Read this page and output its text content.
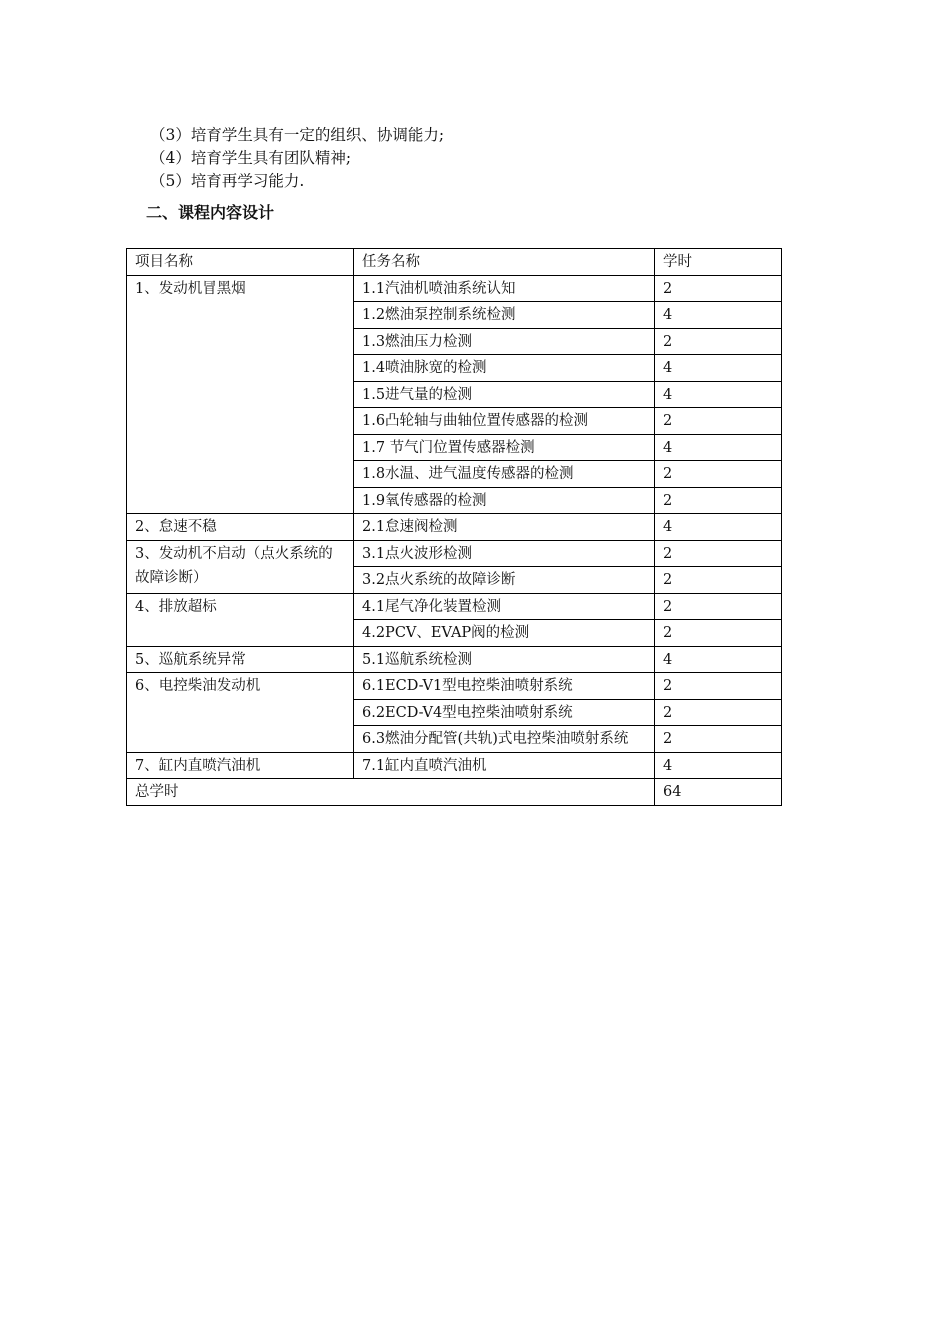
（3）培育学生具有一定的组织、协调能力;
（4）培育学生具有团队精神;
（5）培育再学习能力.
二、课程内容设计
项目名称	任务名称	学时
1、发动机冒黑烟	1.1汽油机喷油系统认知	2
	1.2燃油泵控制系统检测	4
	1.3燃油压力检测	2
	1.4喷油脉宽的检测	4
	1.5进气量的检测	4
	1.6凸轮轴与曲轴位置传感器的检测	2
	1.7 节气门位置传感器检测	4
	1.8水温、进气温度传感器的检测	2
	1.9氧传感器的检测	2
2、怠速不稳	2.1怠速阀检测	4
3、发动机不启动（点火系统的故障诊断）	3.1点火波形检测	2
	3.2点火系统的故障诊断	2
4、排放超标	4.1尾气净化装置检测	2
	4.2PCV、EVAP阀的检测	2
5、巡航系统异常	5.1巡航系统检测	4
6、电控柴油发动机	6.1ECD-V1型电控柴油喷射系统	2
	6.2ECD-V4型电控柴油喷射系统	2
	6.3燃油分配管(共轨)式电控柴油喷射系统	2
7、缸内直喷汽油机	7.1缸内直喷汽油机	4
总学时		64
